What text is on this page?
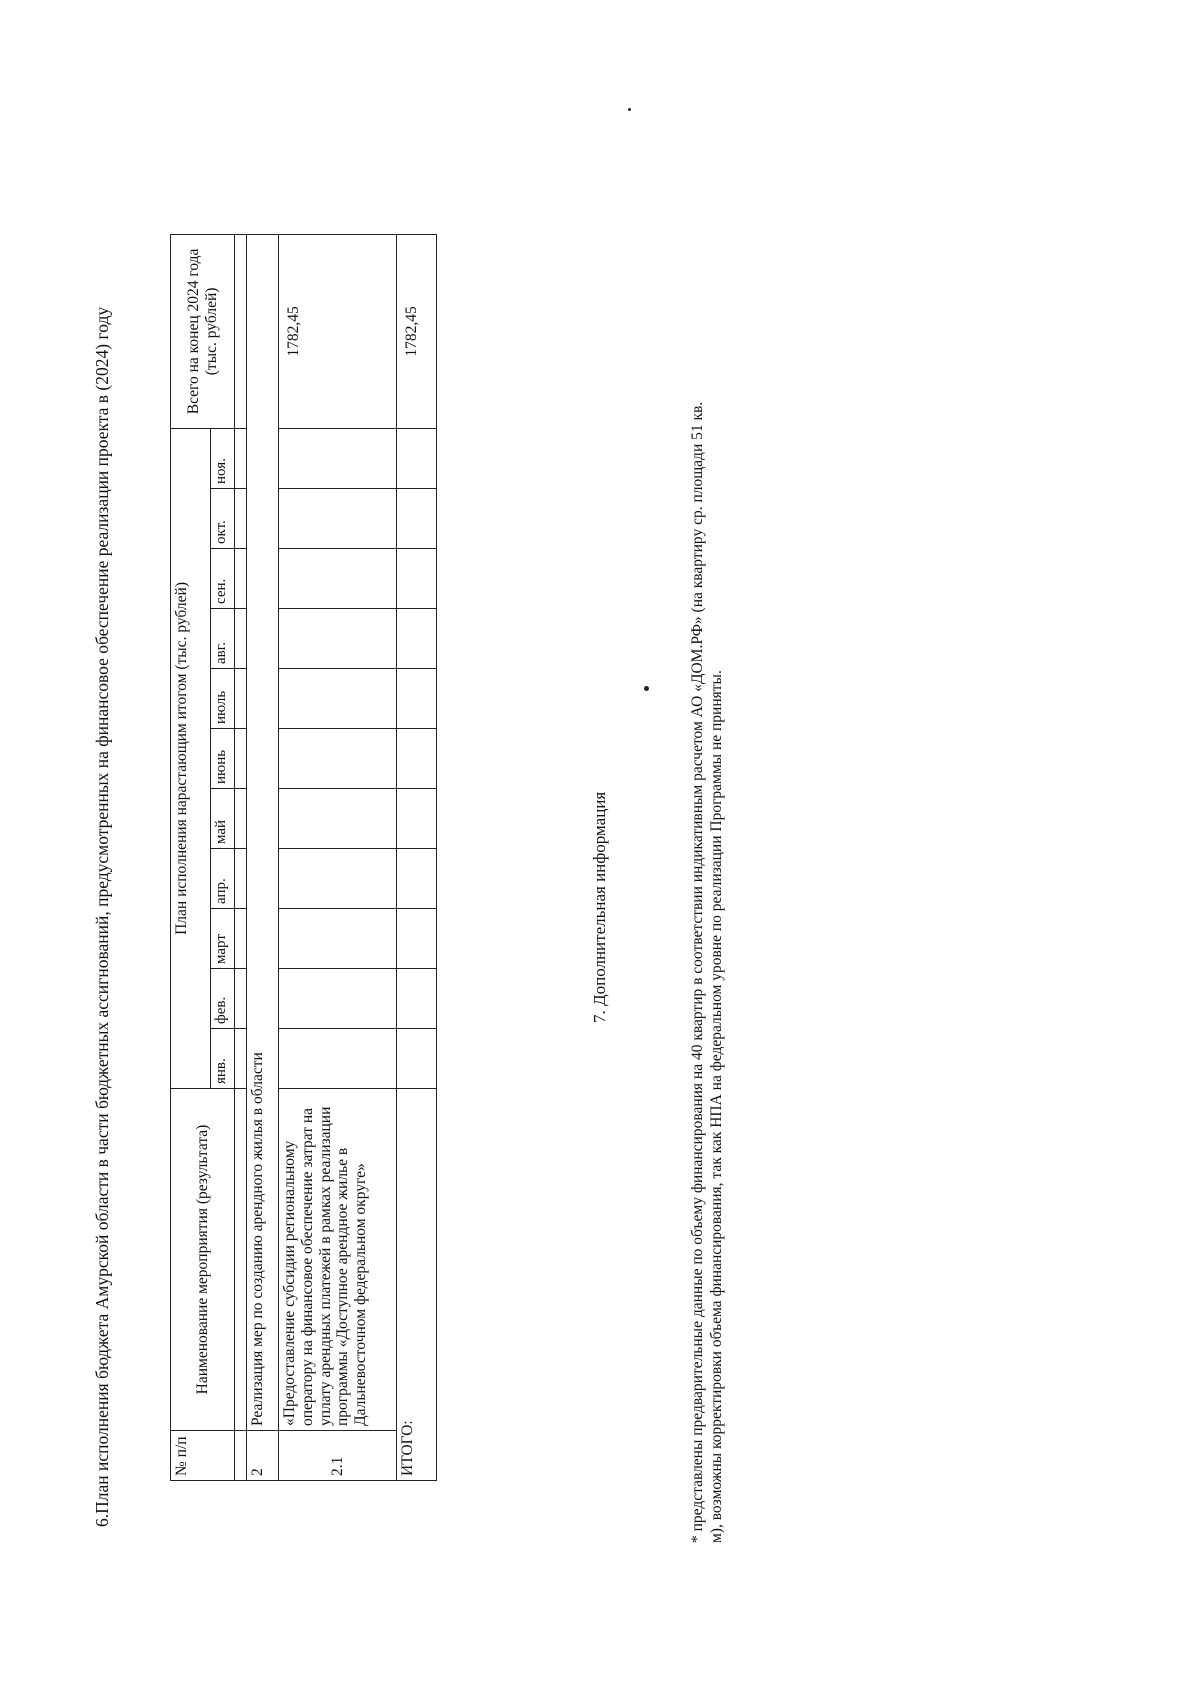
6.План исполнения бюджета Амурской области в части бюджетных ассигнований, предусмотренных на финансовое обеспечение реализации проекта в (2024) году	№ п/п	Наименование мероприятия (результата)	План исполнения нарастающим итогом (тыс. рублей)											Всего на конец 2024 года (тыс. рублей)
		янв.	фев.	март	апр.	май	июнь	июль	авг.	сен.	окт.	ноя.	

2	Реализация мер по созданию арендного жилья в области												
2.1	«Предоставление субсидии региональному оператору на финансовое обеспечение затрат на уплату арендных платежей в рамках реализации программы «Доступное арендное жилье в Дальневосточном федеральном округе»												1782,45
ИТОГО:													1782,45

* представлены предварительные данные по объему финансирования на 40 квартир в соответствии индикативным расчетом АО «ДОМ.РФ» (на квартиру ср. площади 51 кв. м), возможны корректировки объема финансирования, так как НПА на федеральном уровне по реализации Программы не приняты.

7. Дополнительная информация
